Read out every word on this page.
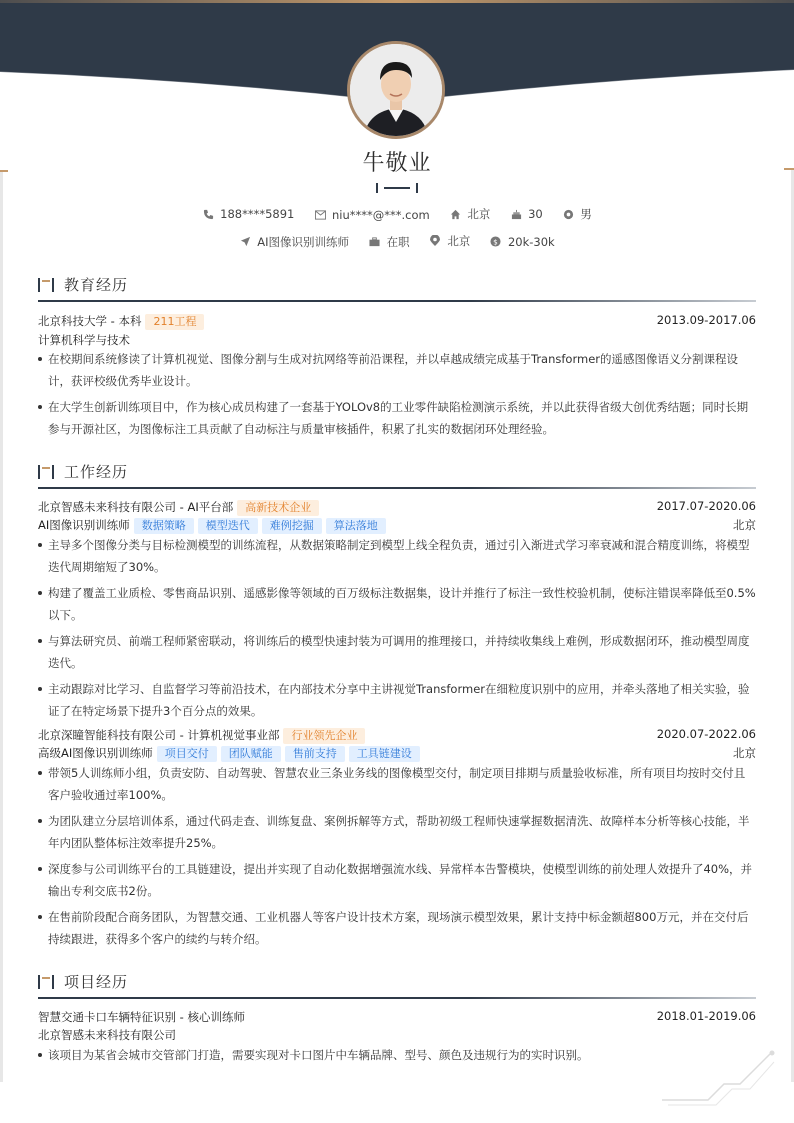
牛敬业
188****5891
	niu****@***.com
	北京
	30
	男
AI图像识别训练师
	在职
	北京
	$ 20k-30k
教育经历
北京科技大学 - 本科 211工程	2013.09-2017.06
计算机科学与技术
在校期间系统修读了计算机视觉、图像分割与生成对抗网络等前沿课程，并以卓越成绩完成基于Transformer的遥感图像语义分割课程设计，获评校级优秀毕业设计。
在大学生创新训练项目中，作为核心成员构建了一套基于YOLOv8的工业零件缺陷检测演示系统，并以此获得省级大创优秀结题；同时长期参与开源社区，为图像标注工具贡献了自动标注与质量审核插件，积累了扎实的数据闭环处理经验。
工作经历
北京智感未来科技有限公司 - AI平台部 高新技术企业	2017.07-2020.06
AI图像识别训练师 数据策略 模型迭代 难例挖掘 算法落地	北京
主导多个图像分类与目标检测模型的训练流程，从数据策略制定到模型上线全程负责，通过引入渐进式学习率衰减和混合精度训练，将模型迭代周期缩短了30%。
构建了覆盖工业质检、零售商品识别、遥感影像等领域的百万级标注数据集，设计并推行了标注一致性校验机制，使标注错误率降低至0.5%以下。
与算法研究员、前端工程师紧密联动，将训练后的模型快速封装为可调用的推理接口，并持续收集线上难例，形成数据闭环，推动模型周度迭代。
主动跟踪对比学习、自监督学习等前沿技术，在内部技术分享中主讲视觉Transformer在细粒度识别中的应用，并牵头落地了相关实验，验证了在特定场景下提升3个百分点的效果。
北京深瞳智能科技有限公司 - 计算机视觉事业部 行业领先企业	2020.07-2022.06
高级AI图像识别训练师 项目交付 团队赋能 售前支持 工具链建设	北京
带领5人训练师小组，负责安防、自动驾驶、智慧农业三条业务线的图像模型交付，制定项目排期与质量验收标准，所有项目均按时交付且客户验收通过率100%。
为团队建立分层培训体系，通过代码走查、训练复盘、案例拆解等方式，帮助初级工程师快速掌握数据清洗、故障样本分析等核心技能，半年内团队整体标注效率提升25%。
深度参与公司训练平台的工具链建设，提出并实现了自动化数据增强流水线、异常样本告警模块，使模型训练的前处理人效提升了40%，并输出专利交底书2份。
在售前阶段配合商务团队，为智慧交通、工业机器人等客户设计技术方案，现场演示模型效果，累计支持中标金额超800万元，并在交付后持续跟进，获得多个客户的续约与转介绍。
项目经历
智慧交通卡口车辆特征识别 - 核心训练师	2018.01-2019.06
北京智感未来科技有限公司
该项目为某省会城市交管部门打造，需要实现对卡口图片中车辆品牌、型号、颜色及违规行为的实时识别。
